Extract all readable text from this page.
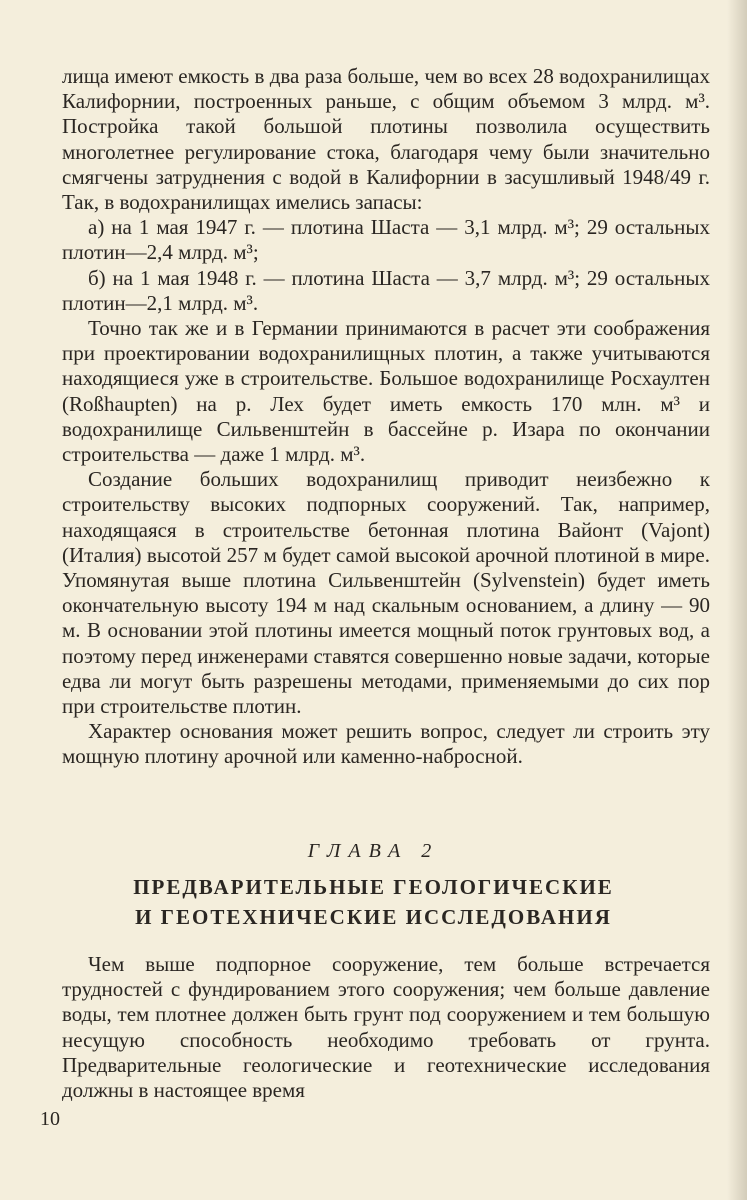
лища имеют емкость в два раза больше, чем во всех 28 водохранилищах Калифорнии, построенных раньше, с общим объемом 3 млрд. м³. Постройка такой большой плотины позволила осуществить многолетнее регулирование стока, благодаря чему были значительно смягчены затруднения с водой в Калифорнии в засушливый 1948/49 г. Так, в водохранилищах имелись запасы:

а) на 1 мая 1947 г. — плотина Шаста — 3,1 млрд. м³; 29 остальных плотин—2,4 млрд. м³;

б) на 1 мая 1948 г. — плотина Шаста — 3,7 млрд. м³; 29 остальных плотин—2,1 млрд. м³.

Точно так же и в Германии принимаются в расчет эти соображения при проектировании водохранилищных плотин, а также учитываются находящиеся уже в строительстве. Большое водохранилище Росхаултен (Roßhaupten) на р. Лех будет иметь емкость 170 млн. м³ и водохранилище Сильвенштейн в бассейне р. Изара по окончании строительства — даже 1 млрд. м³.

Создание больших водохранилищ приводит неизбежно к строительству высоких подпорных сооружений. Так, например, находящаяся в строительстве бетонная плотина Вайонт (Vajont) (Италия) высотой 257 м будет самой высокой арочной плотиной в мире. Упомянутая выше плотина Сильвенштейн (Sylvenstein) будет иметь окончательную высоту 194 м над скальным основанием, а длину — 90 м. В основании этой плотины имеется мощный поток грунтовых вод, а поэтому перед инженерами ставятся совершенно новые задачи, которые едва ли могут быть разрешены методами, применяемыми до сих пор при строительстве плотин.

Характер основания может решить вопрос, следует ли строить эту мощную плотину арочной или каменно-набросной.

ГЛАВА 2
ПРЕДВАРИТЕЛЬНЫЕ ГЕОЛОГИЧЕСКИЕ
И ГЕОТЕХНИЧЕСКИЕ ИССЛЕДОВАНИЯ

Чем выше подпорное сооружение, тем больше встречается трудностей с фундированием этого сооружения; чем больше давление воды, тем плотнее должен быть грунт под сооружением и тем большую несущую способность необходимо требовать от грунта. Предварительные геологические и геотехнические исследования должны в настоящее время

10
